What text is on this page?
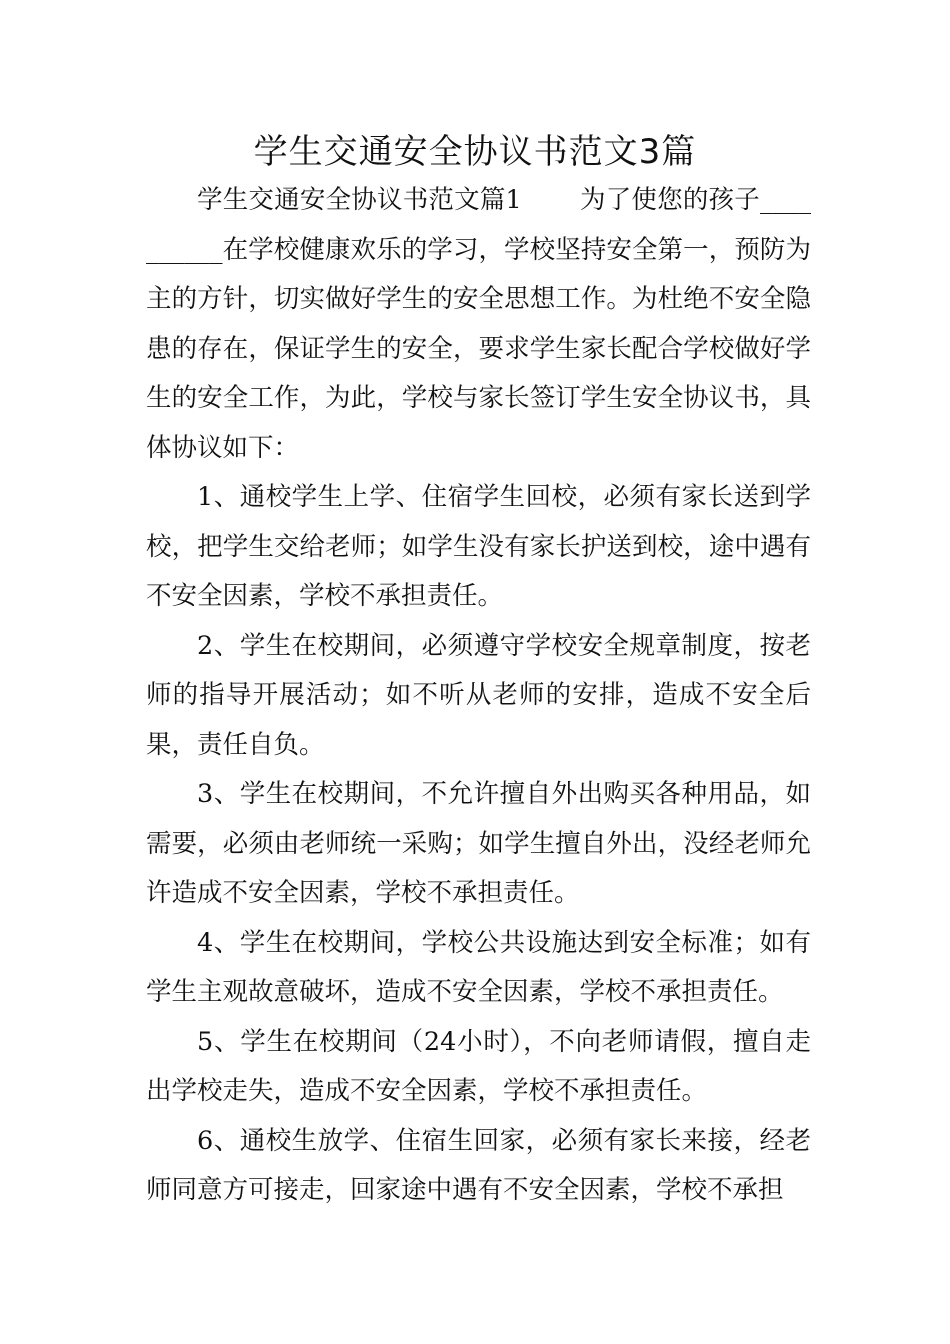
学生交通安全协议书范文3篇

学生交通安全协议书范文篇1 为了使您的孩子__________在学校健康欢乐的学习，学校坚持安全第一，预防为主的方针，切实做好学生的安全思想工作。为杜绝不安全隐患的存在，保证学生的安全，要求学生家长配合学校做好学生的安全工作，为此，学校与家长签订学生安全协议书，具体协议如下：

1、通校学生上学、住宿学生回校，必须有家长送到学校，把学生交给老师；如学生没有家长护送到校，途中遇有不安全因素，学校不承担责任。

2、学生在校期间，必须遵守学校安全规章制度，按老师的指导开展活动；如不听从老师的安排，造成不安全后果，责任自负。

3、学生在校期间，不允许擅自外出购买各种用品，如需要，必须由老师统一采购；如学生擅自外出，没经老师允许造成不安全因素，学校不承担责任。

4、学生在校期间，学校公共设施达到安全标准；如有学生主观故意破坏，造成不安全因素，学校不承担责任。

5、学生在校期间（24小时），不向老师请假，擅自走出学校走失，造成不安全因素，学校不承担责任。

6、通校生放学、住宿生回家，必须有家长来接，经老师同意方可接走，回家途中遇有不安全因素，学校不承担
